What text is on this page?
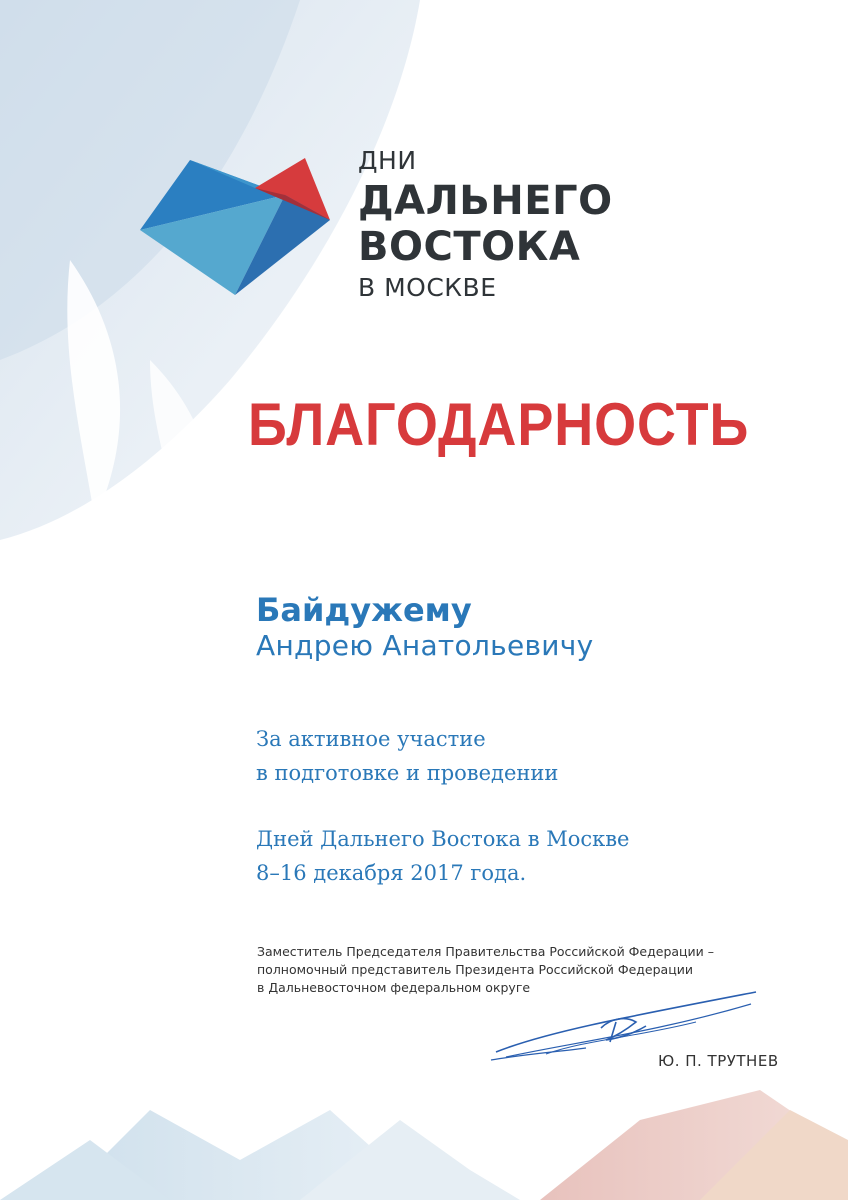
ДНИ
ДАЛЬНЕГО
ВОСТОКА
В МОСКВЕ
БЛАГОДАРНОСТЬ
Байдужему
Андрею Анатольевичу
За активное участие
в подготовке и проведении
Дней Дальнего Востока в Москве
8–16 декабря 2017 года.
Заместитель Председателя Правительства Российской Федерации –
полномочный представитель Президента Российской Федерации
в Дальневосточном федеральном округе
Ю. П. ТРУТНЕВ
